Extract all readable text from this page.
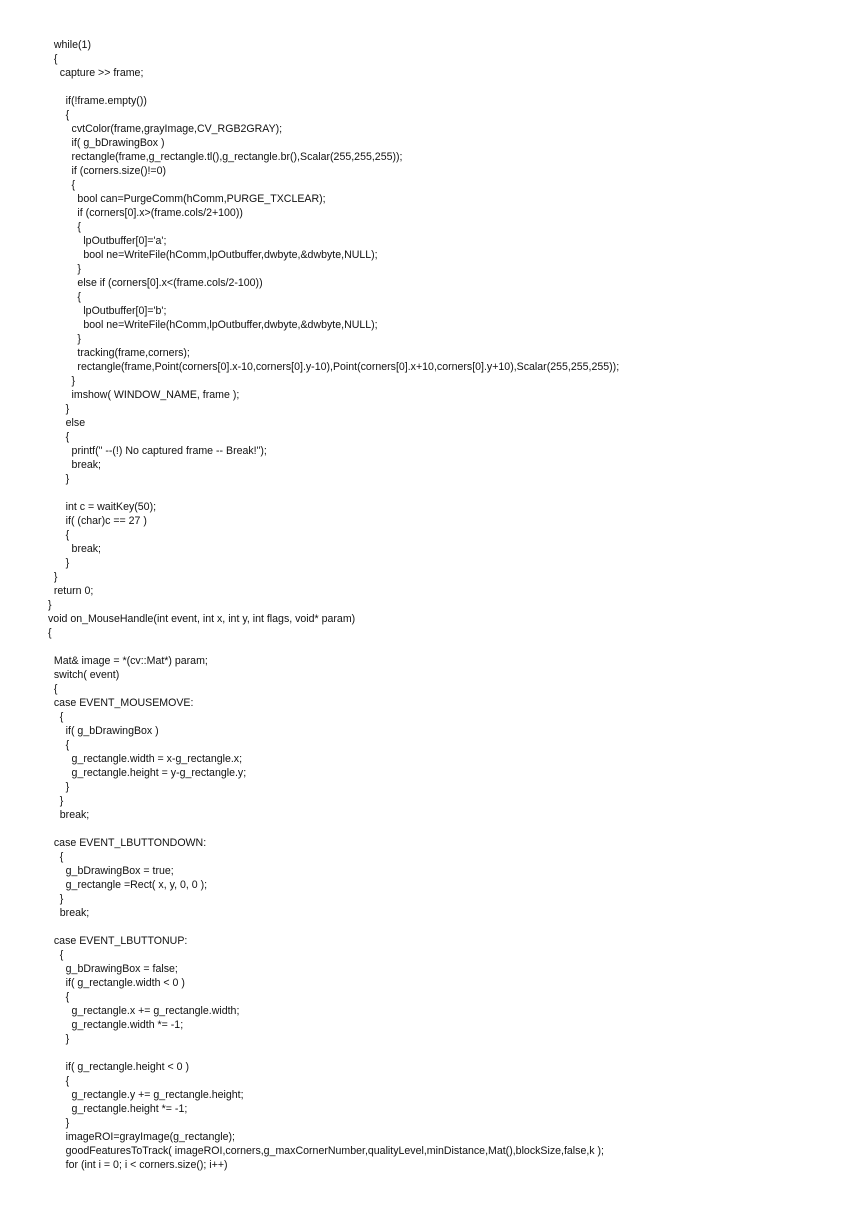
while(1)
{
capture >> frame;
if(!frame.empty())
{
cvtColor(frame,grayImage,CV_RGB2GRAY);
if( g_bDrawingBox )
rectangle(frame,g_rectangle.tl(),g_rectangle.br(),Scalar(255,255,255));
if (corners.size()!=0)
{
bool can=PurgeComm(hComm,PURGE_TXCLEAR);
if (corners[0].x>(frame.cols/2+100))
{
lpOutbuffer[0]='a';
bool ne=WriteFile(hComm,lpOutbuffer,dwbyte,&dwbyte,NULL);
}
else if (corners[0].x<(frame.cols/2-100))
{
lpOutbuffer[0]='b';
bool ne=WriteFile(hComm,lpOutbuffer,dwbyte,&dwbyte,NULL);
}
tracking(frame,corners);
rectangle(frame,Point(corners[0].x-10,corners[0].y-10),Point(corners[0].x+10,corners[0].y+10),Scalar(255,255,255));
}
imshow( WINDOW_NAME, frame );
}
else
{
printf(" --(!) No captured frame -- Break!");
break;
}
int c = waitKey(50);
if( (char)c == 27 )
{
break;
}
}
return 0;
}
void on_MouseHandle(int event, int x, int y, int flags, void* param)
{
Mat& image = *(cv::Mat*) param;
switch( event)
{
case EVENT_MOUSEMOVE:
{
if( g_bDrawingBox )
{
g_rectangle.width = x-g_rectangle.x;
g_rectangle.height = y-g_rectangle.y;
}
}
break;
case EVENT_LBUTTONDOWN:
{
g_bDrawingBox = true;
g_rectangle =Rect( x, y, 0, 0 );
}
break;
case EVENT_LBUTTONUP:
{
g_bDrawingBox = false;
if( g_rectangle.width < 0 )
{
g_rectangle.x += g_rectangle.width;
g_rectangle.width *= -1;
}
if( g_rectangle.height < 0 )
{
g_rectangle.y += g_rectangle.height;
g_rectangle.height *= -1;
}
imageROI=grayImage(g_rectangle);
goodFeaturesToTrack( imageROI,corners,g_maxCornerNumber,qualityLevel,minDistance,Mat(),blockSize,false,k );
for (int i = 0; i < corners.size(); i++)
